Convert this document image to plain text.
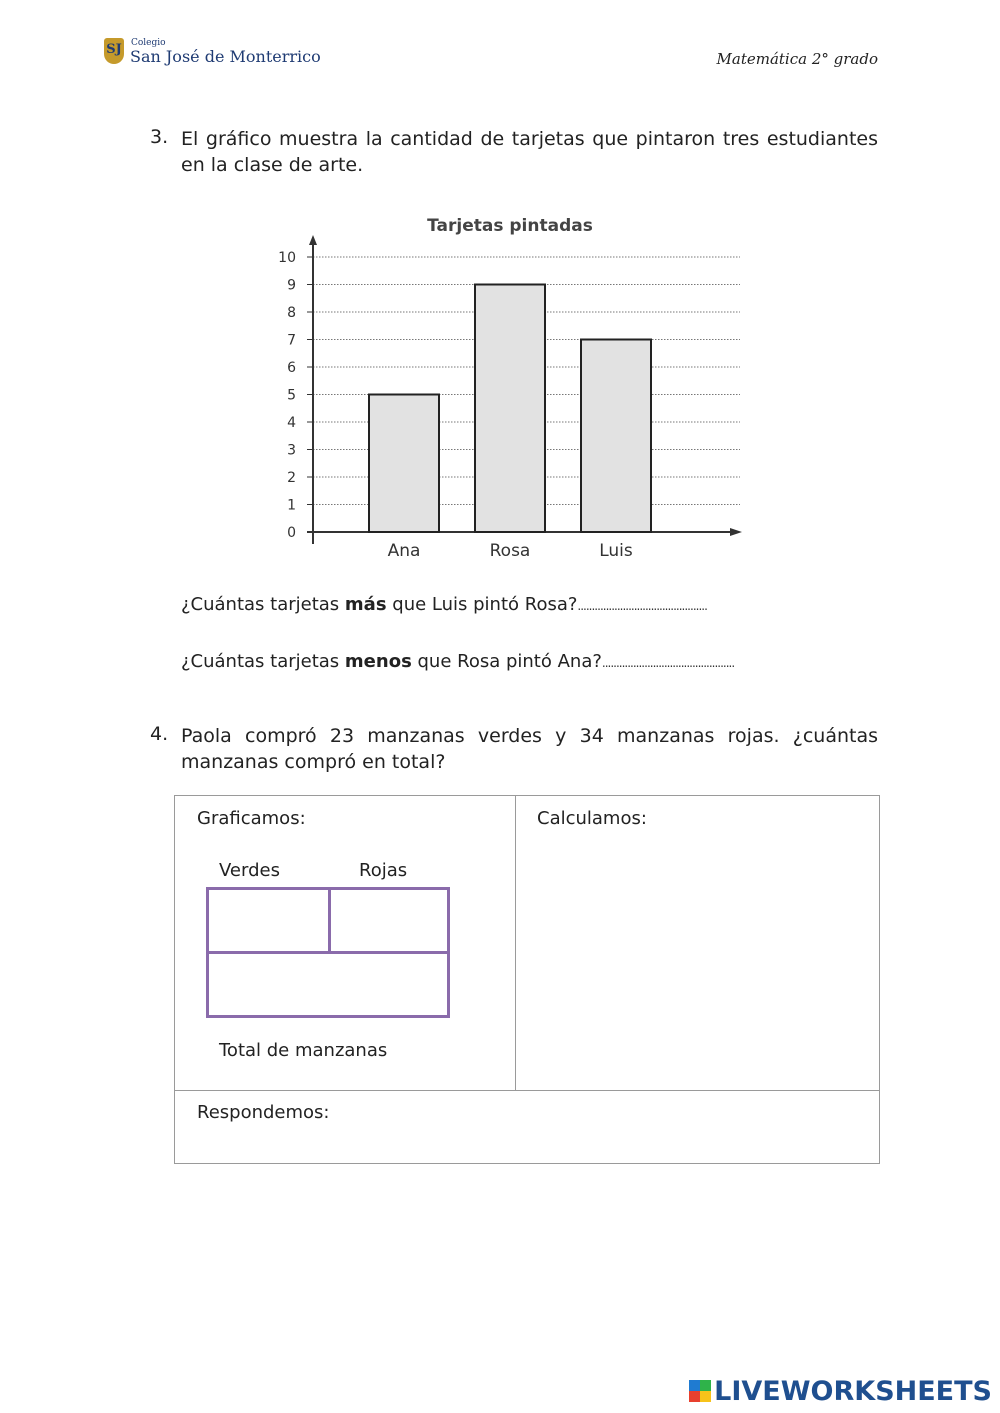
SJ Colegio
San José de Monterrico	Matemática 2° grado
3. El gráfico muestra la cantidad de tarjetas que pintaron tres estudiantes en la clase de arte.
Tarjetas pintadas
0
1
2
3
4
5
6
7
8
9
10
Ana	Rosa	Luis
¿Cuántas tarjetas más que Luis pintó Rosa?..............................................
¿Cuántas tarjetas menos que Rosa pintó Ana?...............................................
4. Paola compró 23 manzanas verdes y 34 manzanas rojas. ¿cuántas manzanas compró en total?
Graficamos:
Verdes	Rojas
Total de manzanas
Calculamos:
Respondemos:
LIVEWORKSHEETS
